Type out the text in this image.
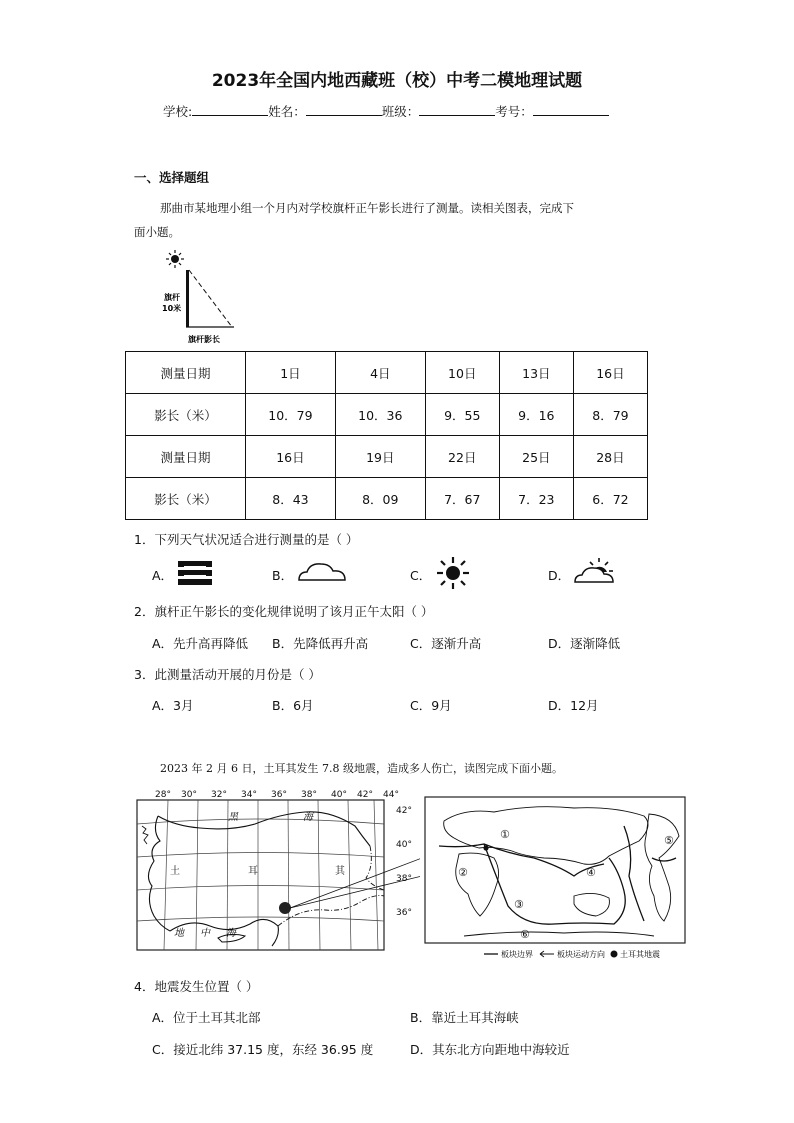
2023年全国内地西藏班（校）中考二模地理试题
学校:	姓名：	班级：	考号：
一、选择题组
那曲市某地理小组一个月内对学校旗杆正午影长进行了测量。读相关图表，完成下
面小题。
旗杆
10米
旗杆影长
测量日期	1日	4日	10日	13日	16日
影长（米）	10．79	10．36	9．55	9．16	8．79
测量日期	16日	19日	22日	25日	28日
影长（米）	8．43	8．09	7．67	7．23	6．72
1．下列天气状况适合进行测量的是（ ）
A．	B．	C．	D．
2．旗杆正午影长的变化规律说明了该月正午太阳（ ）
A．先升高再降低 B．先降低再升高	C．逐渐升高	D．逐渐降低
3．此测量活动开展的月份是（ ）
A．3月	B．6月	C．9月	D．12月
2023 年 2 月 6 日，土耳其发生 7.8 级地震，造成多人伤亡，读图完成下面小题。
28° 30° 32° 34° 36° 38° 40° 42° 44°
黑	海
土	耳	其
地 中 海
42°
40°
38°
36°
①
②
③
④
⑤
⑥
板块边界	板块运动方向 土耳其地震
4．地震发生位置（ ）
A．位于土耳其北部	B．靠近土耳其海峡
C．接近北纬 37.15 度，东经 36.95 度	D．其东北方向距地中海较近
